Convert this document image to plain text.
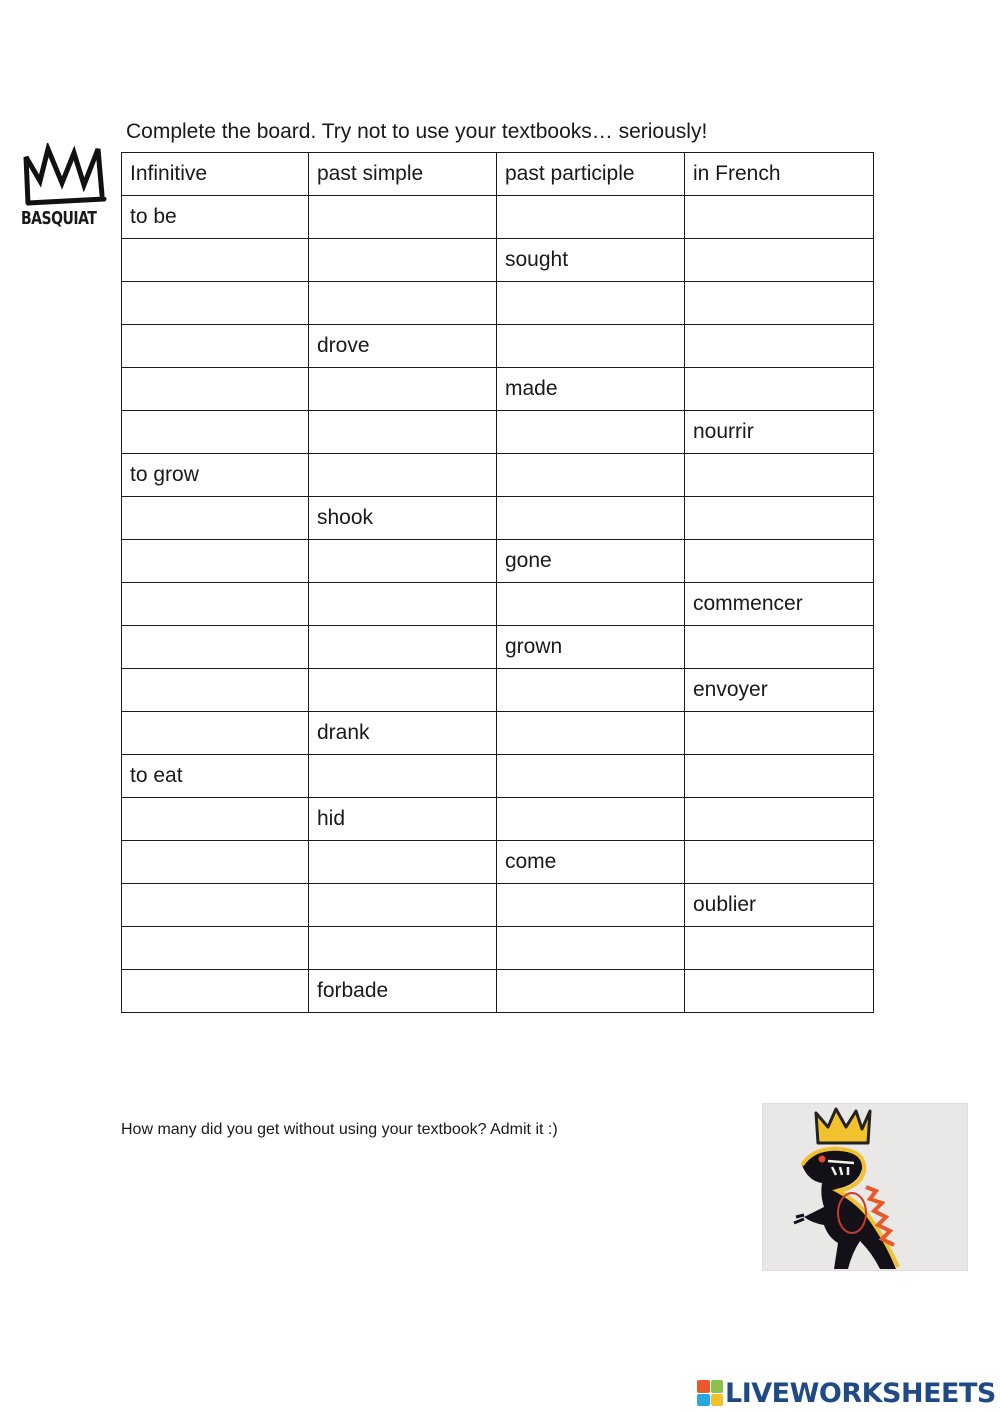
Complete the board. Try not to use your textbooks… seriously!
BASQUIAT
Infinitive	past simple	past participle	in French
to be			
		sought	

	drove		
		made	
			nourrir
to grow			
	shook		
		gone	
			commencer
		grown	
			envoyer
	drank		
to eat			
	hid		
		come	
			oublier

	forbade		
How many did you get without using your textbook? Admit it :)
LIVEWORKSHEETS
